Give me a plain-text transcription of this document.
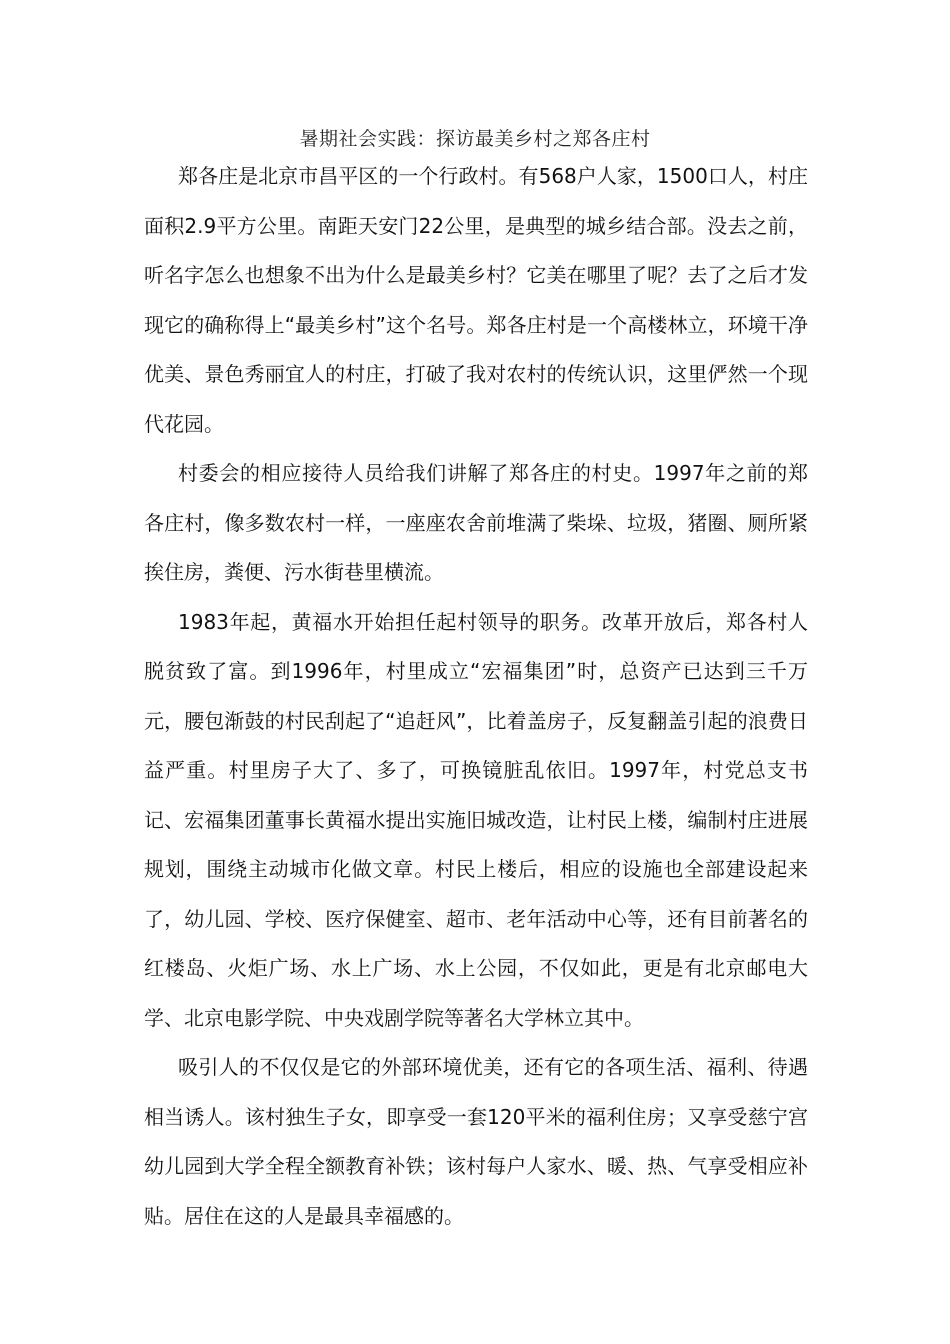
暑期社会实践：探访最美乡村之郑各庄村

郑各庄是北京市昌平区的一个行政村。有568户人家，1500口人，村庄面积2.9平方公里。南距天安门22公里，是典型的城乡结合部。没去之前，听名字怎么也想象不出为什么是最美乡村？它美在哪里了呢？去了之后才发现它的确称得上“最美乡村”这个名号。郑各庄村是一个高楼林立，环境干净优美、景色秀丽宜人的村庄，打破了我对农村的传统认识，这里俨然一个现代花园。

村委会的相应接待人员给我们讲解了郑各庄的村史。1997年之前的郑各庄村，像多数农村一样，一座座农舍前堆满了柴垛、垃圾，猪圈、厕所紧挨住房，粪便、污水街巷里横流。

1983年起，黄福水开始担任起村领导的职务。改革开放后，郑各村人脱贫致了富。到1996年，村里成立“宏福集团”时，总资产已达到三千万元，腰包渐鼓的村民刮起了“追赶风”，比着盖房子，反复翻盖引起的浪费日益严重。村里房子大了、多了，可换镜脏乱依旧。1997年，村党总支书记、宏福集团董事长黄福水提出实施旧城改造，让村民上楼，编制村庄进展规划，围绕主动城市化做文章。村民上楼后，相应的设施也全部建设起来了，幼儿园、学校、医疗保健室、超市、老年活动中心等，还有目前著名的红楼岛、火炬广场、水上广场、水上公园，不仅如此，更是有北京邮电大学、北京电影学院、中央戏剧学院等著名大学林立其中。

吸引人的不仅仅是它的外部环境优美，还有它的各项生活、福利、待遇相当诱人。该村独生子女，即享受一套120平米的福利住房；又享受慈宁宫幼儿园到大学全程全额教育补铁；该村每户人家水、暖、热、气享受相应补贴。居住在这的人是最具幸福感的。
